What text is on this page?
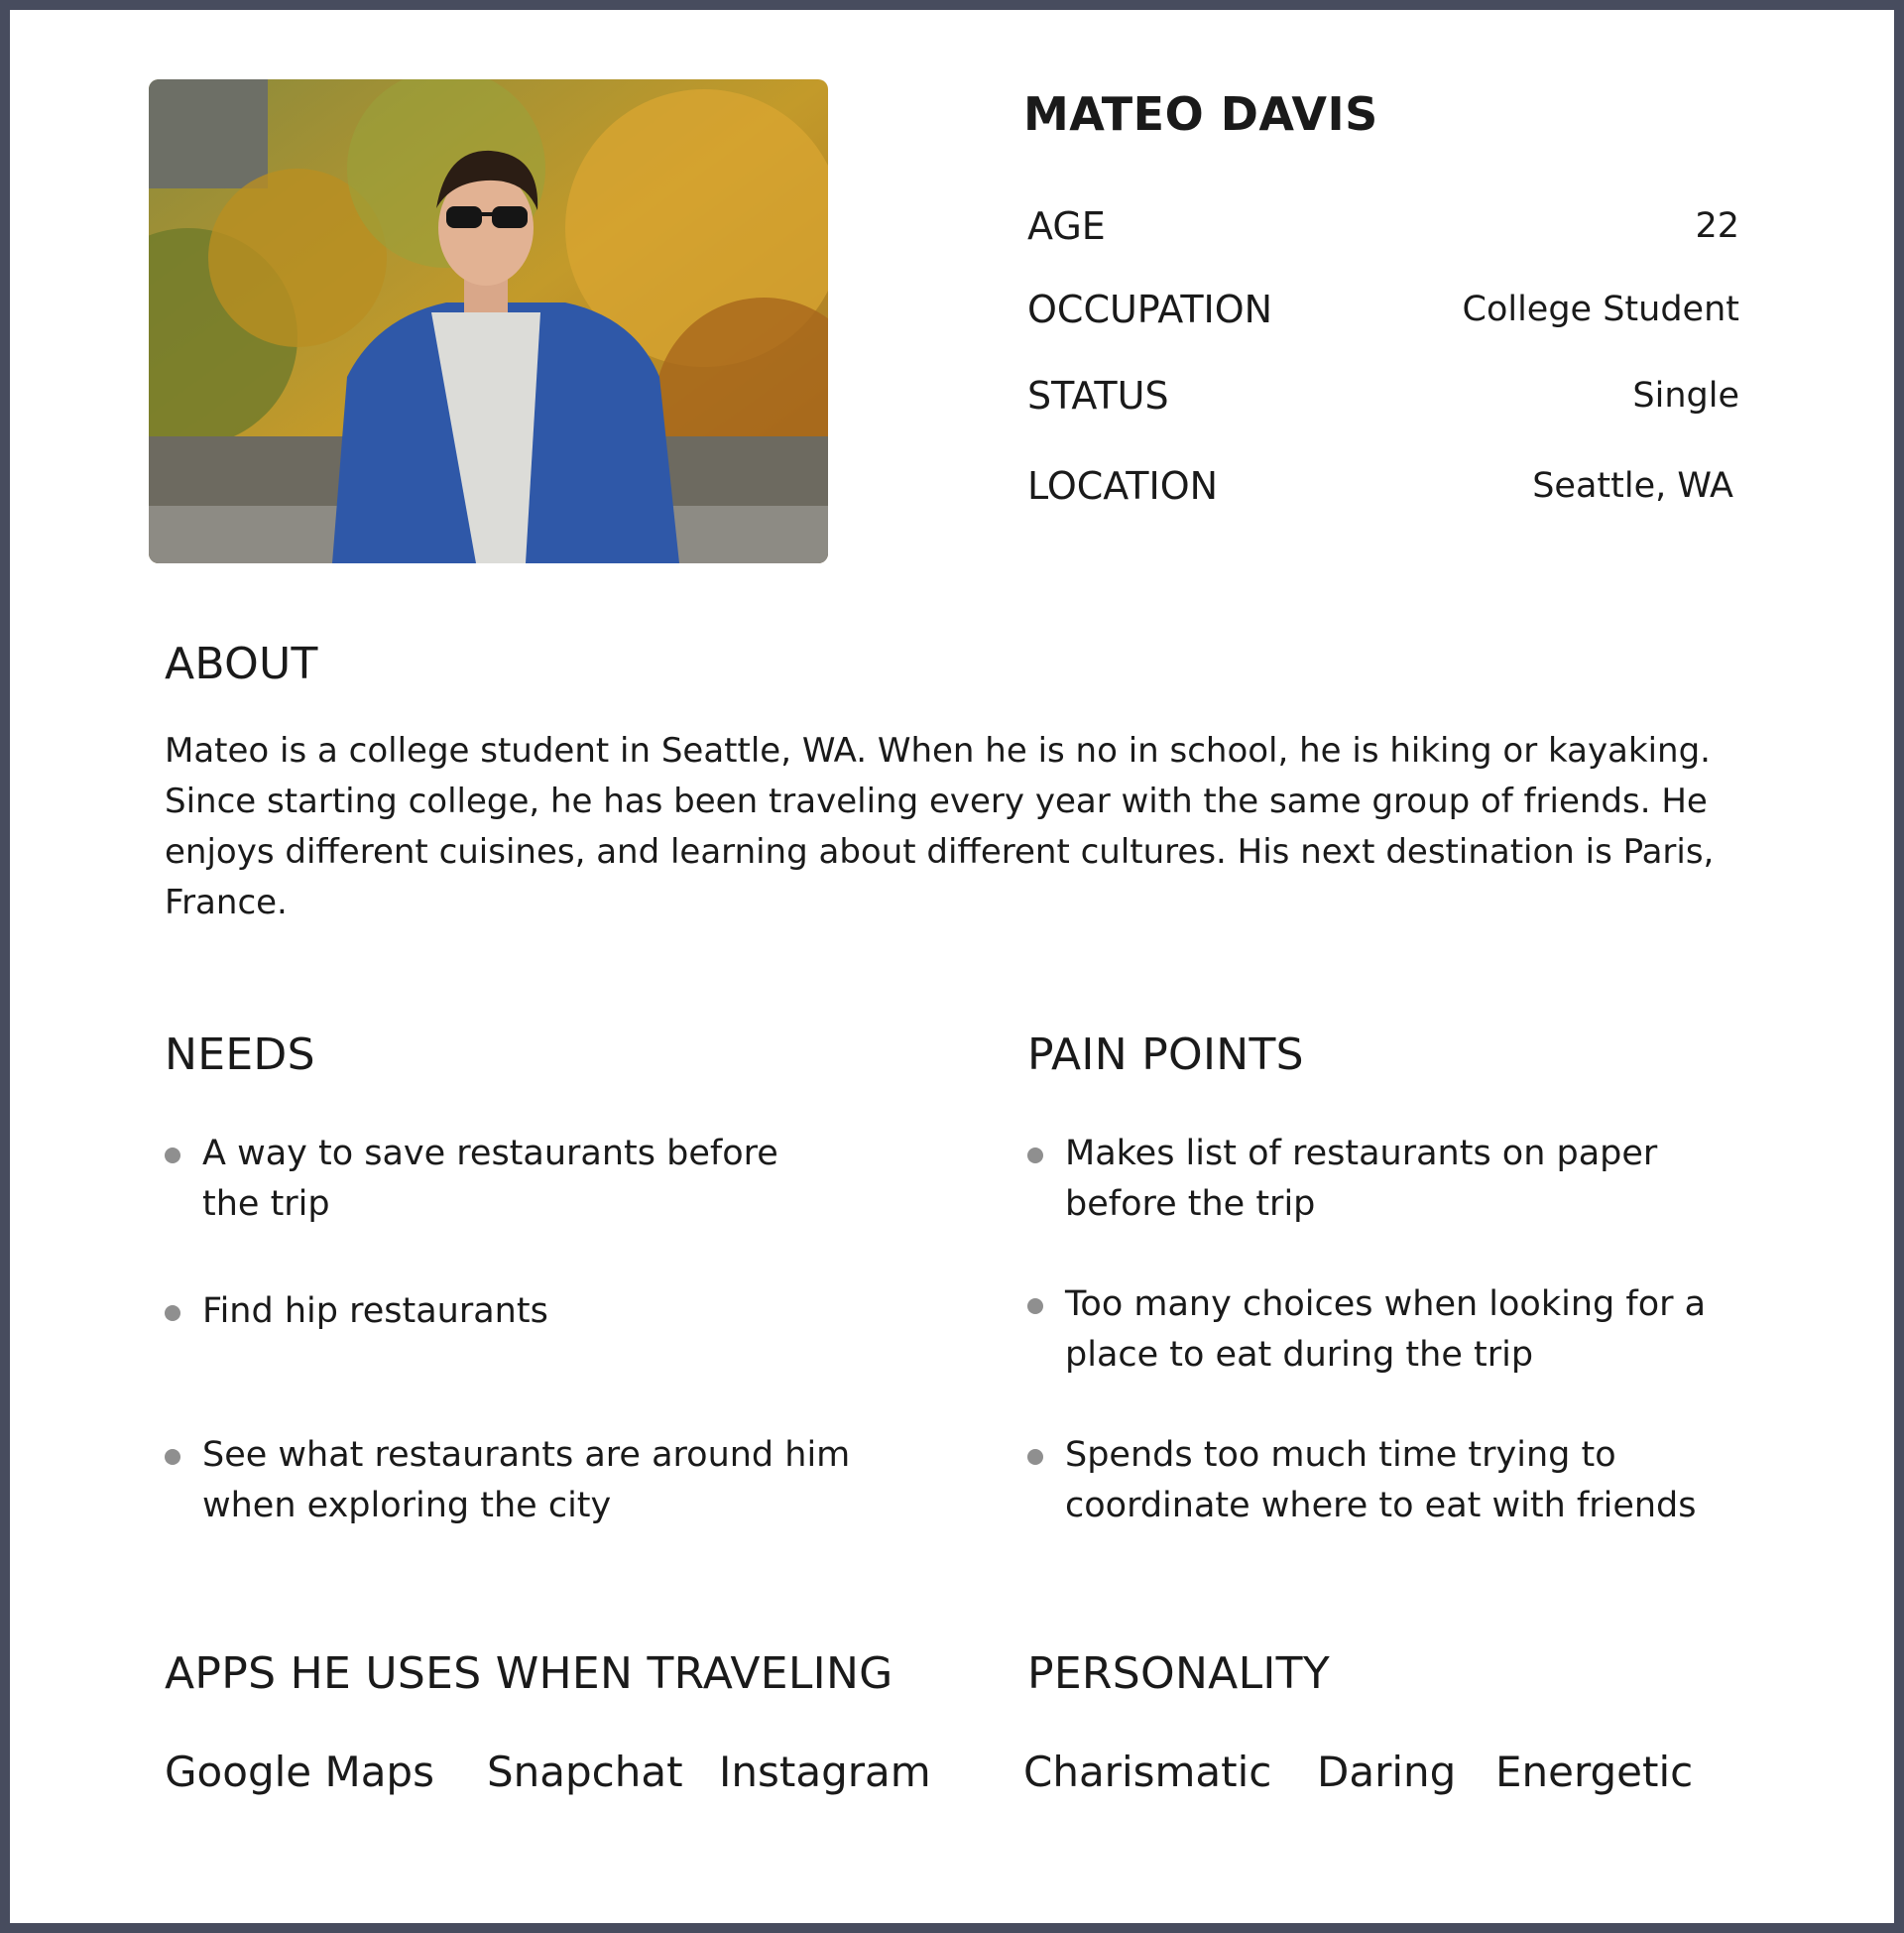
MATEO DAVIS
AGE	22
OCCUPATION	College Student
STATUS	Single
LOCATION	Seattle, WA
ABOUT
Mateo is a college student in Seattle, WA. When he is no in school, he is hiking or kayaking. Since starting college, he has been traveling every year with the same group of friends. He enjoys different cuisines, and learning about different cultures. His next destination is Paris, France.
NEEDS
A way to save restaurants before the trip
Find hip restaurants
See what restaurants are around him when exploring the city
PAIN POINTS
Makes list of restaurants on paper before the trip
Too many choices when looking for a place to eat during the trip
Spends too much time trying to coordinate where to eat with friends
APPS HE USES WHEN TRAVELING
Google Maps Snapchat Instagram
PERSONALITY
Charismatic Daring Energetic
